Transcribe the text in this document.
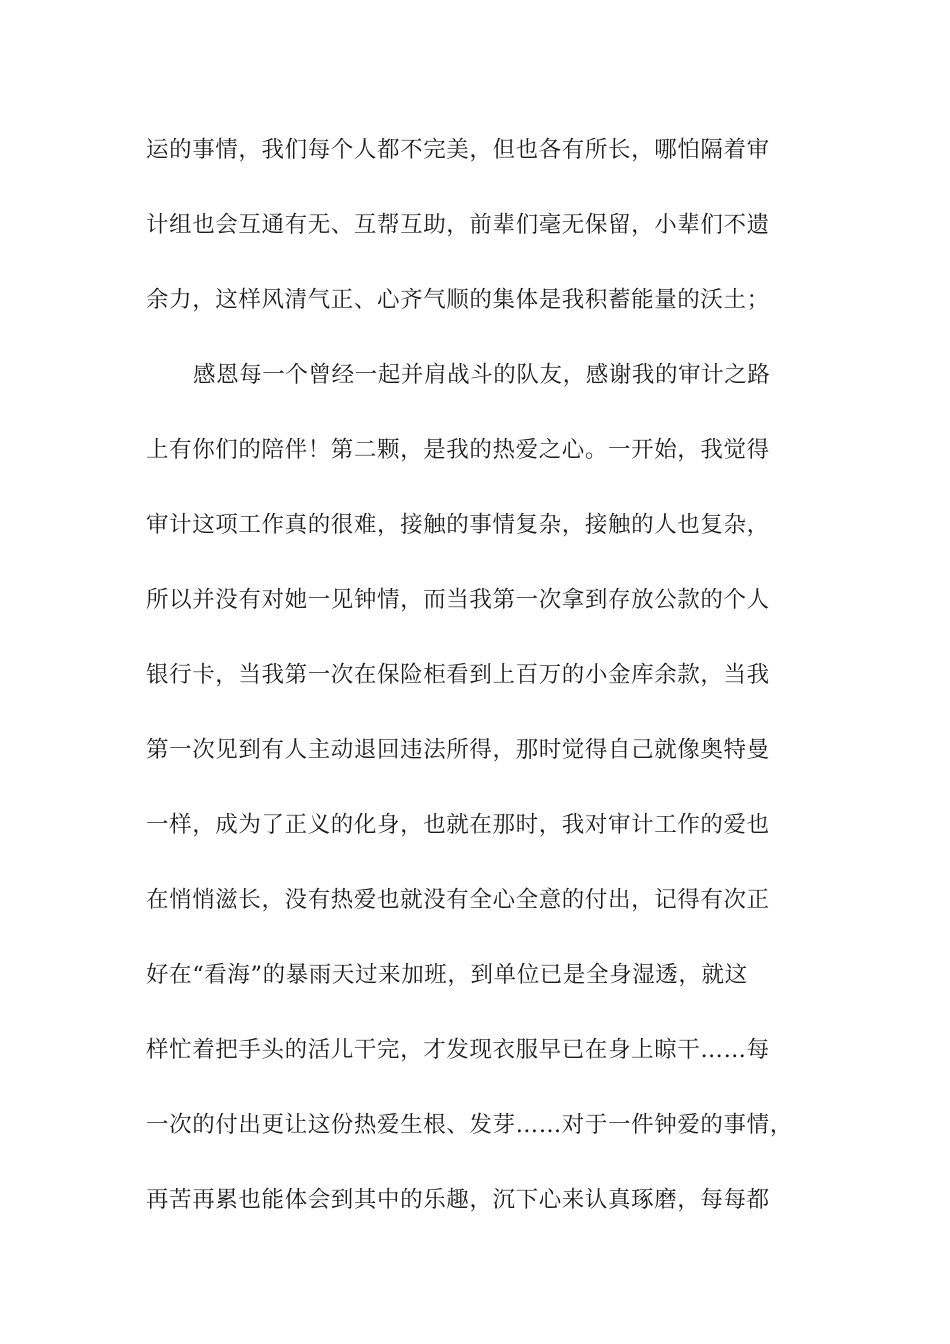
运的事情，我们每个人都不完美，但也各有所长，哪怕隔着审
计组也会互通有无、互帮互助，前辈们毫无保留，小辈们不遗
余力，这样风清气正、心齐气顺的集体是我积蓄能量的沃土；
感恩每一个曾经一起并肩战斗的队友，感谢我的审计之路
上有你们的陪伴！第二颗，是我的热爱之心。一开始，我觉得
审计这项工作真的很难，接触的事情复杂，接触的人也复杂，
所以并没有对她一见钟情，而当我第一次拿到存放公款的个人
银行卡，当我第一次在保险柜看到上百万的小金库余款，当我
第一次见到有人主动退回违法所得，那时觉得自己就像奥特曼
一样，成为了正义的化身，也就在那时，我对审计工作的爱也
在悄悄滋长，没有热爱也就没有全心全意的付出，记得有次正
好在“看海”的暴雨天过来加班，到单位已是全身湿透，就这
样忙着把手头的活儿干完，才发现衣服早已在身上晾干……每
一次的付出更让这份热爱生根、发芽……对于一件钟爱的事情，
再苦再累也能体会到其中的乐趣，沉下心来认真琢磨，每每都
